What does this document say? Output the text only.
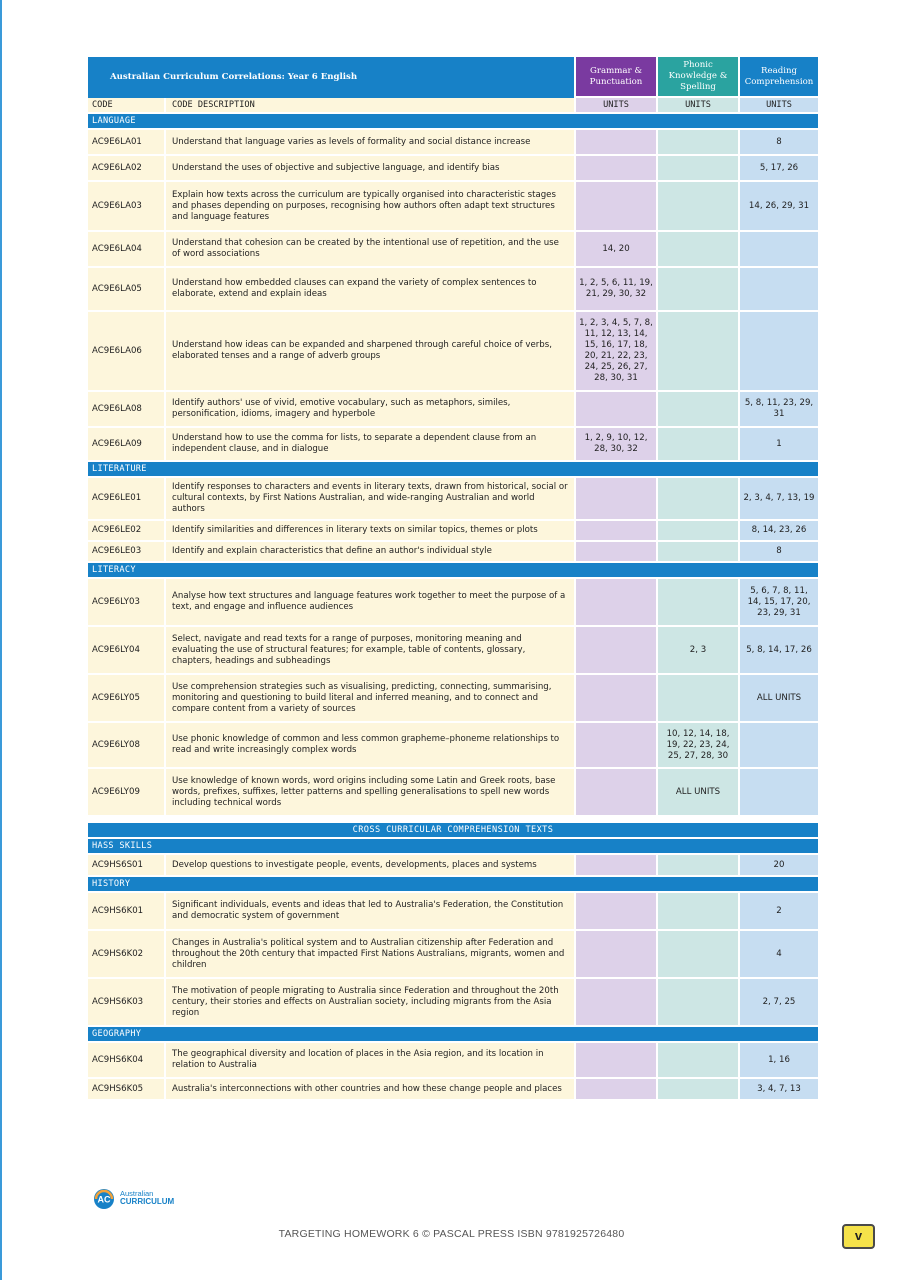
Australian Curriculum Correlations: Year 6 English		Grammar & Punctuation	Phonic Knowledge & Spelling	Reading Comprehension
CODE	CODE DESCRIPTION	UNITS	UNITS	UNITS
LANGUAGE				
AC9E6LA01	Understand that language varies as levels of formality and social distance increase			8
AC9E6LA02	Understand the uses of objective and subjective language, and identify bias			5, 17, 26
AC9E6LA03	Explain how texts across the curriculum are typically organised into characteristic stages and phases depending on purposes, recognising how authors often adapt text structures and language features			14, 26, 29, 31
AC9E6LA04	Understand that cohesion can be created by the intentional use of repetition, and the use of word associations	14, 20		
AC9E6LA05	Understand how embedded clauses can expand the variety of complex sentences to elaborate, extend and explain ideas	1, 2, 5, 6, 11, 19, 21, 29, 30, 32		
AC9E6LA06	Understand how ideas can be expanded and sharpened through careful choice of verbs, elaborated tenses and a range of adverb groups	1, 2, 3, 4, 5, 7, 8, 11, 12, 13, 14, 15, 16, 17, 18, 20, 21, 22, 23, 24, 25, 26, 27, 28, 30, 31		
AC9E6LA08	Identify authors' use of vivid, emotive vocabulary, such as metaphors, similes, personification, idioms, imagery and hyperbole			5, 8, 11, 23, 29, 31
AC9E6LA09	Understand how to use the comma for lists, to separate a dependent clause from an independent clause, and in dialogue	1, 2, 9, 10, 12, 28, 30, 32		1
LITERATURE				
AC9E6LE01	Identify responses to characters and events in literary texts, drawn from historical, social or cultural contexts, by First Nations Australian, and wide-ranging Australian and world authors			2, 3, 4, 7, 13, 19
AC9E6LE02	Identify similarities and differences in literary texts on similar topics, themes or plots			8, 14, 23, 26
AC9E6LE03	Identify and explain characteristics that define an author's individual style			8
LITERACY				
AC9E6LY03	Analyse how text structures and language features work together to meet the purpose of a text, and engage and influence audiences			5, 6, 7, 8, 11, 14, 15, 17, 20, 23, 29, 31
AC9E6LY04	Select, navigate and read texts for a range of purposes, monitoring meaning and evaluating the use of structural features; for example, table of contents, glossary, chapters, headings and subheadings		2, 3	5, 8, 14, 17, 26
AC9E6LY05	Use comprehension strategies such as visualising, predicting, connecting, summarising, monitoring and questioning to build literal and inferred meaning, and to connect and compare content from a variety of sources			ALL UNITS
AC9E6LY08	Use phonic knowledge of common and less common grapheme–phoneme relationships to read and write increasingly complex words		10, 12, 14, 18, 19, 22, 23, 24, 25, 27, 28, 30	
AC9E6LY09	Use knowledge of known words, word origins including some Latin and Greek roots, base words, prefixes, suffixes, letter patterns and spelling generalisations to spell new words including technical words		ALL UNITS	

CROSS CURRICULAR COMPREHENSION TEXTS				
HASS SKILLS				
AC9HS6S01	Develop questions to investigate people, events, developments, places and systems			20
HISTORY				
AC9HS6K01	Significant individuals, events and ideas that led to Australia's Federation, the Constitution and democratic system of government			2
AC9HS6K02	Changes in Australia's political system and to Australian citizenship after Federation and throughout the 20th century that impacted First Nations Australians, migrants, women and children			4
AC9HS6K03	The motivation of people migrating to Australia since Federation and throughout the 20th century, their stories and effects on Australian society, including migrants from the Asia region			2, 7, 25
GEOGRAPHY				
AC9HS6K04	The geographical diversity and location of places in the Asia region, and its location in relation to Australia			1, 16
AC9HS6K05	Australia's interconnections with other countries and how these change people and places			3, 4, 7, 13
AC
Australian
CURRICULUM
TARGETING HOMEWORK 6 © PASCAL PRESS ISBN 9781925726480	v
